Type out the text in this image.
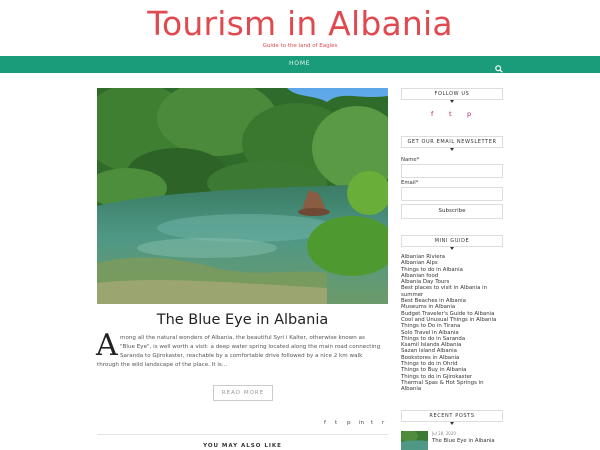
Tourism in Albania
Guide to the land of Eagles
HOME
The Blue Eye in Albania
A mong all the natural wonders of Albania, the beautiful Syri i Kalter, otherwise known as
"Blue Eye", is well worth a visit: a deep water spring located along the main road connecting
Saranda to Gjirokaster, reachable by a comfortable drive followed by a nice 2 km walk
through the wild landscape of the place. It is...
READ MORE
f t p in t r
YOU MAY ALSO LIKE
FOLLOW US
f t p
GET OUR EMAIL NEWSLETTER
Name*
Email*
Subscribe
MINI GUIDE
Albanian Riviera
Albanian Alps
Things to do in Albania
Albanian food
Albania Day Tours
Best places to visit in Albania in summer
Best Beaches in Albania
Museums in Albania
Budget Traveler's Guide to Albania
Cool and Unusual Things in Albania
Things to Do in Tirana
Solo Travel in Albania
Things to do in Saranda
Ksamil Islands Albania
Sazan Island Albania
Bookstores in Albania
Things to do in Ohrid
Things to Buy in Albania
Things to do in Gjirokaster
Thermal Spas & Hot Springs in Albania
RECENT POSTS
Jul 28, 2020
The Blue Eye in Albania
